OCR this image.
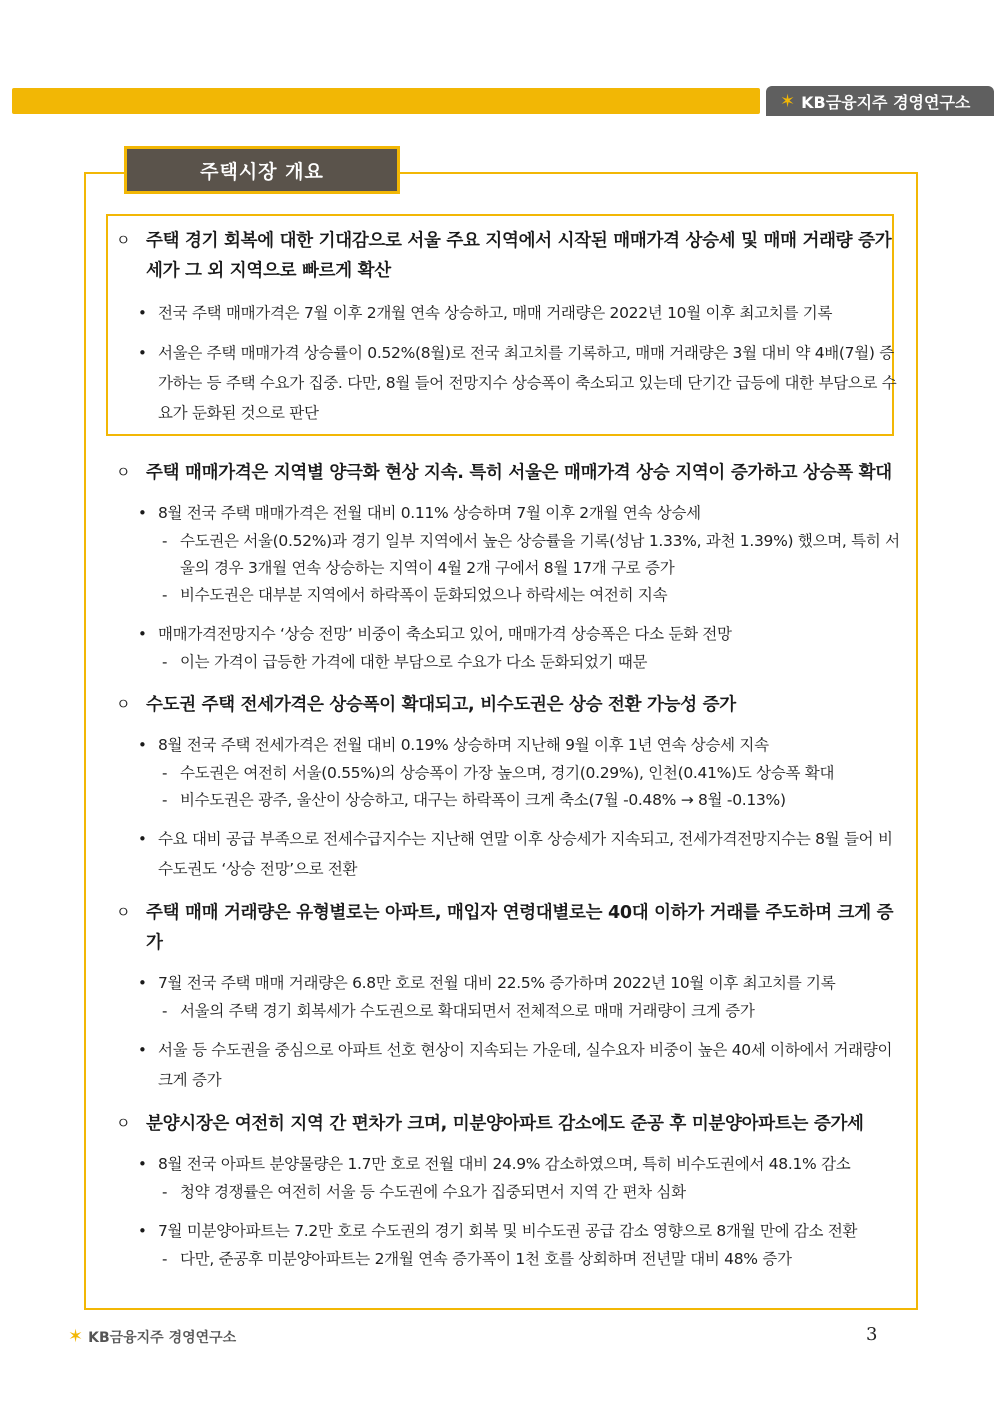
✶ KB금융지주 경영연구소
주택시장 개요
ㅇ 주택 경기 회복에 대한 기대감으로 서울 주요 지역에서 시작된 매매가격 상승세 및 매매 거래량 증가세가 그 외 지역으로 빠르게 확산
• 전국 주택 매매가격은 7월 이후 2개월 연속 상승하고, 매매 거래량은 2022년 10월 이후 최고치를 기록
• 서울은 주택 매매가격 상승률이 0.52%(8월)로 전국 최고치를 기록하고, 매매 거래량은 3월 대비 약 4배(7월) 증가하는 등 주택 수요가 집중. 다만, 8월 들어 전망지수 상승폭이 축소되고 있는데 단기간 급등에 대한 부담으로 수요가 둔화된 것으로 판단
ㅇ 주택 매매가격은 지역별 양극화 현상 지속. 특히 서울은 매매가격 상승 지역이 증가하고 상승폭 확대
• 8월 전국 주택 매매가격은 전월 대비 0.11% 상승하며 7월 이후 2개월 연속 상승세
- 수도권은 서울(0.52%)과 경기 일부 지역에서 높은 상승률을 기록(성남 1.33%, 과천 1.39%) 했으며, 특히 서울의 경우 3개월 연속 상승하는 지역이 4월 2개 구에서 8월 17개 구로 증가
- 비수도권은 대부분 지역에서 하락폭이 둔화되었으나 하락세는 여전히 지속
• 매매가격전망지수 ‘상승 전망’ 비중이 축소되고 있어, 매매가격 상승폭은 다소 둔화 전망
- 이는 가격이 급등한 가격에 대한 부담으로 수요가 다소 둔화되었기 때문
ㅇ 수도권 주택 전세가격은 상승폭이 확대되고, 비수도권은 상승 전환 가능성 증가
• 8월 전국 주택 전세가격은 전월 대비 0.19% 상승하며 지난해 9월 이후 1년 연속 상승세 지속
- 수도권은 여전히 서울(0.55%)의 상승폭이 가장 높으며, 경기(0.29%), 인천(0.41%)도 상승폭 확대
- 비수도권은 광주, 울산이 상승하고, 대구는 하락폭이 크게 축소(7월 -0.48% → 8월 -0.13%)
• 수요 대비 공급 부족으로 전세수급지수는 지난해 연말 이후 상승세가 지속되고, 전세가격전망지수는 8월 들어 비수도권도 ‘상승 전망’으로 전환
ㅇ 주택 매매 거래량은 유형별로는 아파트, 매입자 연령대별로는 40대 이하가 거래를 주도하며 크게 증가
• 7월 전국 주택 매매 거래량은 6.8만 호로 전월 대비 22.5% 증가하며 2022년 10월 이후 최고치를 기록
- 서울의 주택 경기 회복세가 수도권으로 확대되면서 전체적으로 매매 거래량이 크게 증가
• 서울 등 수도권을 중심으로 아파트 선호 현상이 지속되는 가운데, 실수요자 비중이 높은 40세 이하에서 거래량이 크게 증가
ㅇ 분양시장은 여전히 지역 간 편차가 크며, 미분양아파트 감소에도 준공 후 미분양아파트는 증가세
• 8월 전국 아파트 분양물량은 1.7만 호로 전월 대비 24.9% 감소하였으며, 특히 비수도권에서 48.1% 감소
- 청약 경쟁률은 여전히 서울 등 수도권에 수요가 집중되면서 지역 간 편차 심화
• 7월 미분양아파트는 7.2만 호로 수도권의 경기 회복 및 비수도권 공급 감소 영향으로 8개월 만에 감소 전환
- 다만, 준공후 미분양아파트는 2개월 연속 증가폭이 1천 호를 상회하며 전년말 대비 48% 증가
✶ KB금융지주 경영연구소	3
